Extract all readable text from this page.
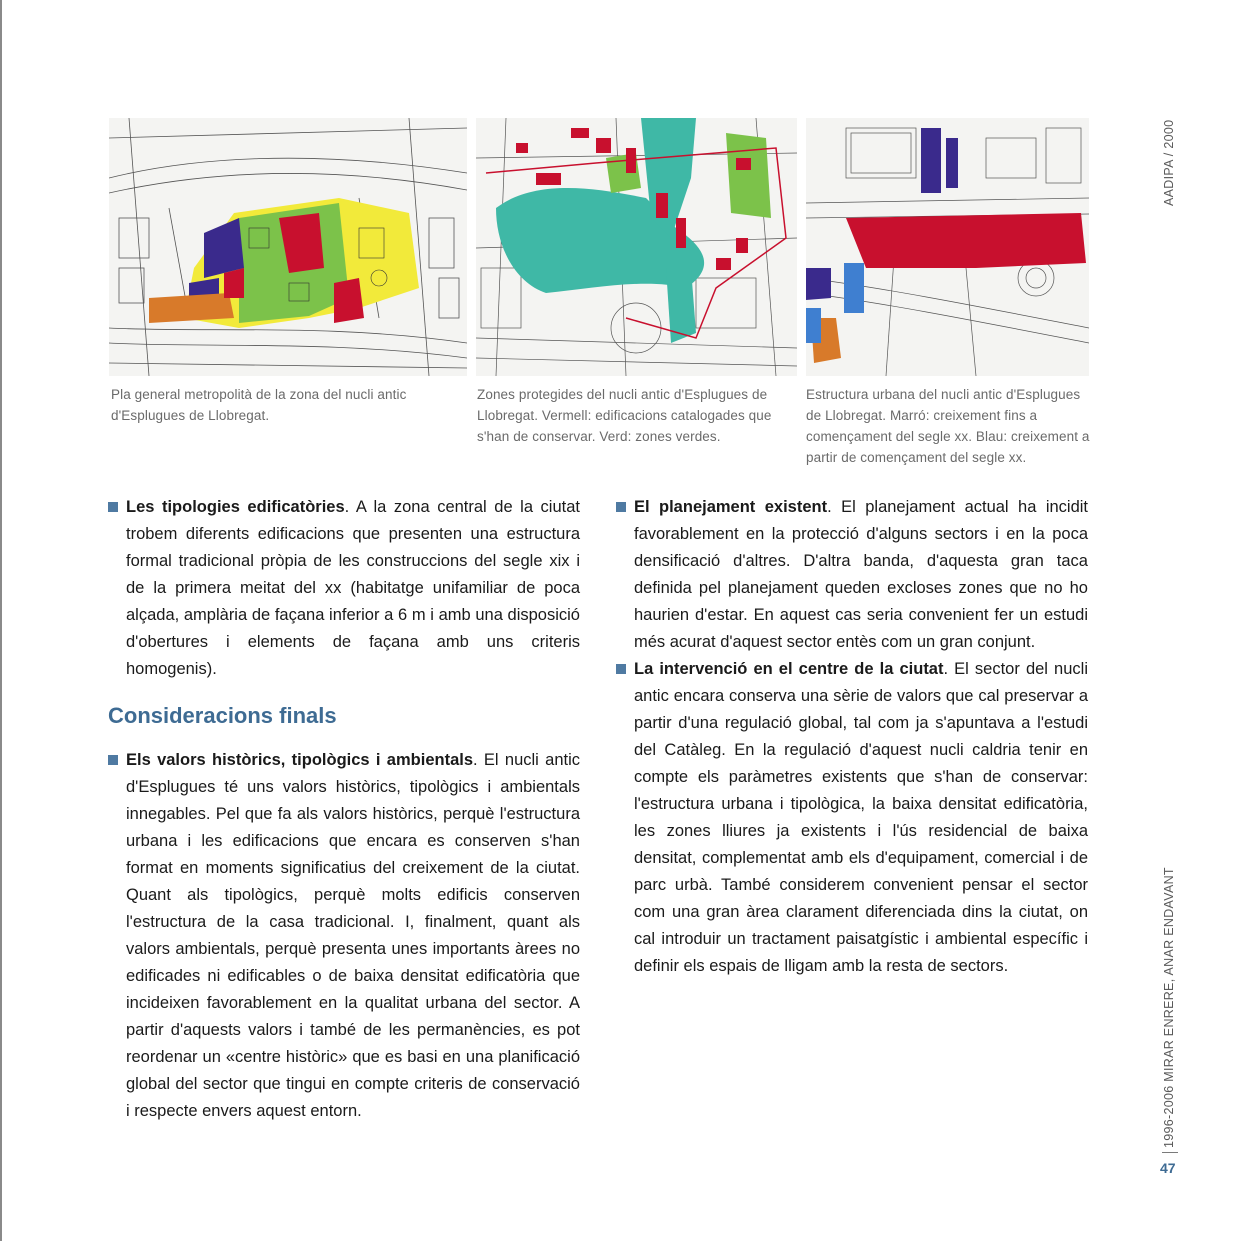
Pla general metropolità de la zona del nucli antic d'Esplugues de Llobregat.
Zones protegides del nucli antic d'Esplugues de Llobregat. Vermell: edificacions catalogades que s'han de conservar. Verd: zones verdes.
Estructura urbana del nucli antic d'Esplugues de Llobregat. Marró: creixement fins a començament del segle xx. Blau: creixement a partir de començament del segle xx.

Les tipologies edificatòries. A la zona central de la ciutat trobem diferents edificacions que presenten una estructura formal tradicional pròpia de les construccions del segle xix i de la primera meitat del xx (habitatge unifamiliar de poca alçada, amplària de façana inferior a 6 m i amb una disposició d'obertures i elements de façana amb uns criteris homogenis).

Consideracions finals

Els valors històrics, tipològics i ambientals. El nucli antic d'Esplugues té uns valors històrics, tipològics i ambientals innegables. Pel que fa als valors històrics, perquè l'estructura urbana i les edificacions que encara es conserven s'han format en moments significatius del creixement de la ciutat. Quant als tipològics, perquè molts edificis conserven l'estructura de la casa tradicional. I, finalment, quant als valors ambientals, perquè presenta unes importants àrees no edificades ni edificables o de baixa densitat edificatòria que incideixen favorablement en la qualitat urbana del sector. A partir d'aquests valors i també de les permanències, es pot reordenar un «centre històric» que es basi en una planificació global del sector que tingui en compte criteris de conservació i respecte envers aquest entorn.

El planejament existent. El planejament actual ha incidit favorablement en la protecció d'alguns sectors i en la poca densificació d'altres. D'altra banda, d'aquesta gran taca definida pel planejament queden excloses zones que no ho haurien d'estar. En aquest cas seria convenient fer un estudi més acurat d'aquest sector entès com un gran conjunt.

La intervenció en el centre de la ciutat. El sector del nucli antic encara conserva una sèrie de valors que cal preservar a partir d'una regulació global, tal com ja s'apuntava a l'estudi del Catàleg. En la regulació d'aquest nucli caldria tenir en compte els paràmetres existents que s'han de conservar: l'estructura urbana i tipològica, la baixa densitat edificatòria, les zones lliures ja existents i l'ús residencial de baixa densitat, complementat amb els d'equipament, comercial i de parc urbà. També considerem convenient pensar el sector com una gran àrea clarament diferenciada dins la ciutat, on cal introduir un tractament paisatgístic i ambiental específic i definir els espais de lligam amb la resta de sectors.

AADIPA / 2000
1996-2006 MIRAR ENRERE, ANAR ENDAVANT
47
